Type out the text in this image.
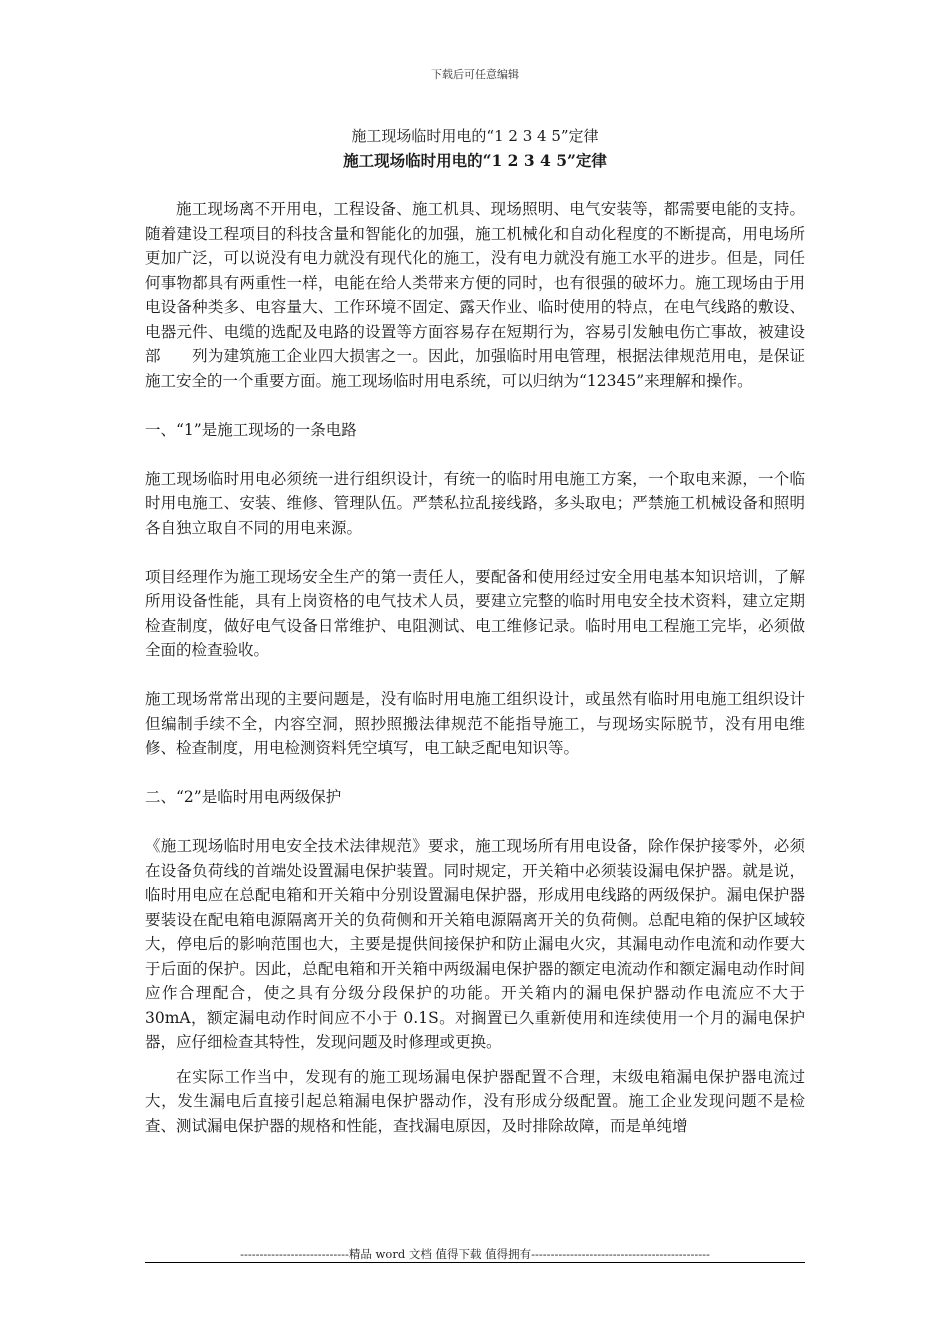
下载后可任意编辑

施工现场临时用电的“1 2 3 4 5”定律

施工现场临时用电的“1 2 3 4 5”定律

施工现场离不开用电，工程设备、施工机具、现场照明、电气安装等，都需要电能的支持。随着建设工程项目的科技含量和智能化的加强，施工机械化和自动化程度的不断提高，用电场所更加广泛，可以说没有电力就没有现代化的施工，没有电力就没有施工水平的进步。但是，同任何事物都具有两重性一样，电能在给人类带来方便的同时，也有很强的破坏力。施工现场由于用电设备种类多、电容量大、工作环境不固定、露天作业、临时使用的特点，在电气线路的敷设、电器元件、电缆的选配及电路的设置等方面容易存在短期行为，容易引发触电伤亡事故，被建设部　　列为建筑施工企业四大损害之一。因此，加强临时用电管理，根据法律规范用电，是保证施工安全的一个重要方面。施工现场临时用电系统，可以归纳为“12345”来理解和操作。

一、“1”是施工现场的一条电路

施工现场临时用电必须统一进行组织设计，有统一的临时用电施工方案，一个取电来源，一个临时用电施工、安装、维修、管理队伍。严禁私拉乱接线路，多头取电；严禁施工机械设备和照明各自独立取自不同的用电来源。

项目经理作为施工现场安全生产的第一责任人，要配备和使用经过安全用电基本知识培训，了解所用设备性能，具有上岗资格的电气技术人员，要建立完整的临时用电安全技术资料，建立定期检查制度，做好电气设备日常维护、电阻测试、电工维修记录。临时用电工程施工完毕，必须做全面的检查验收。

施工现场常常出现的主要问题是，没有临时用电施工组织设计，或虽然有临时用电施工组织设计但编制手续不全，内容空洞，照抄照搬法律规范不能指导施工，与现场实际脱节，没有用电维修、检查制度，用电检测资料凭空填写，电工缺乏配电知识等。

二、“2”是临时用电两级保护

《施工现场临时用电安全技术法律规范》要求，施工现场所有用电设备，除作保护接零外，必须在设备负荷线的首端处设置漏电保护装置。同时规定，开关箱中必须装设漏电保护器。就是说，临时用电应在总配电箱和开关箱中分别设置漏电保护器，形成用电线路的两级保护。漏电保护器要装设在配电箱电源隔离开关的负荷侧和开关箱电源隔离开关的负荷侧。总配电箱的保护区域较大，停电后的影响范围也大，主要是提供间接保护和防止漏电火灾，其漏电动作电流和动作要大于后面的保护。因此，总配电箱和开关箱中两级漏电保护器的额定电流动作和额定漏电动作时间应作合理配合，使之具有分级分段保护的功能。开关箱内的漏电保护器动作电流应不大于 30mA，额定漏电动作时间应不小于 0.1S。对搁置已久重新使用和连续使用一个月的漏电保护器，应仔细检查其特性，发现问题及时修理或更换。

在实际工作当中，发现有的施工现场漏电保护器配置不合理，末级电箱漏电保护器电流过大，发生漏电后直接引起总箱漏电保护器动作，没有形成分级配置。施工企业发现问题不是检查、测试漏电保护器的规格和性能，查找漏电原因，及时排除故障，而是单纯增

----------------------------精品 word 文档 值得下载 值得拥有----------------------------------------------
